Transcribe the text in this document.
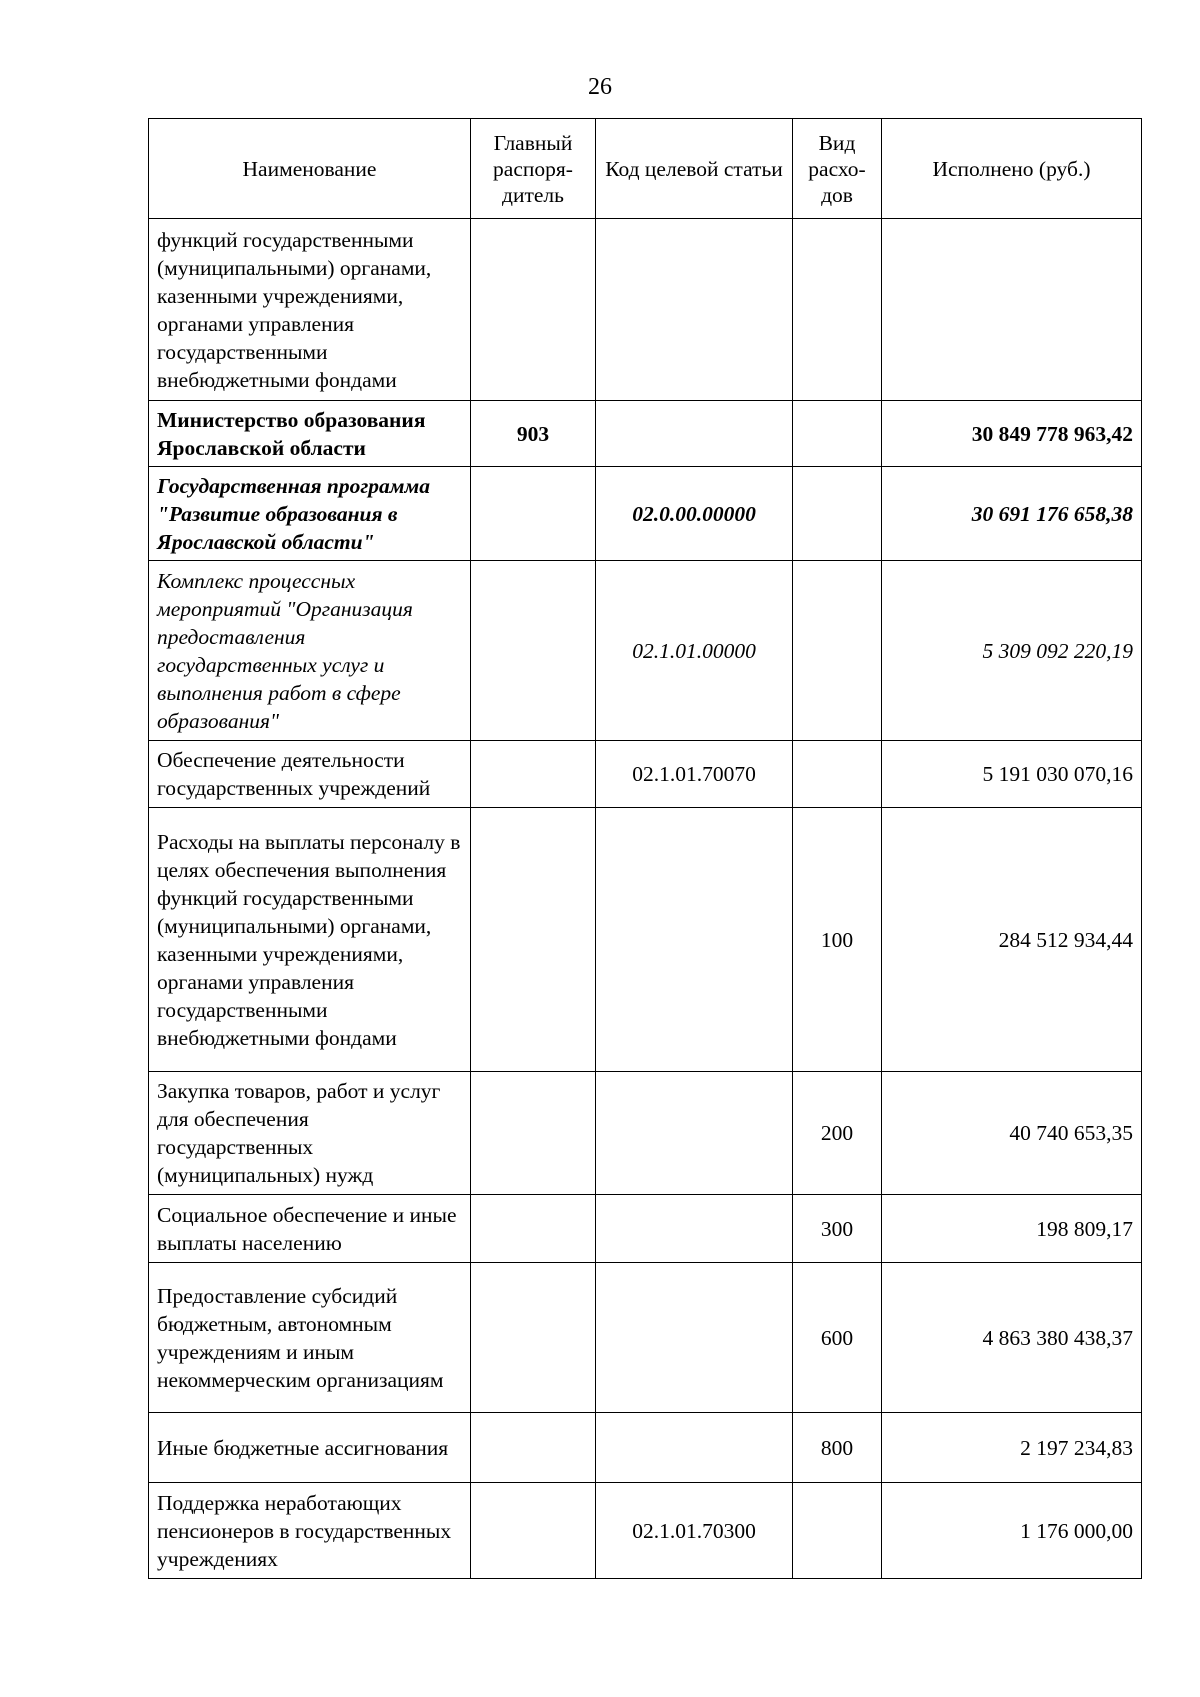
26
Наименование	Главный распоря-дитель	Код целевой статьи	Вид расхо-дов	Исполнено (руб.)
функций государственными (муниципальными) органами, казенными учреждениями, органами управления государственными внебюджетными фондами				
Министерство образования Ярославской области	903			30 849 778 963,42
Государственная программа "Развитие образования в Ярославской области"		02.0.00.00000		30 691 176 658,38
Комплекс процессных мероприятий "Организация предоставления государственных услуг и выполнения работ в сфере образования"		02.1.01.00000		5 309 092 220,19
Обеспечение деятельности государственных учреждений		02.1.01.70070		5 191 030 070,16
Расходы на выплаты персоналу в целях обеспечения выполнения функций государственными (муниципальными) органами, казенными учреждениями, органами управления государственными внебюджетными фондами			100	284 512 934,44
Закупка товаров, работ и услуг для обеспечения государственных (муниципальных) нужд			200	40 740 653,35
Социальное обеспечение и иные выплаты населению			300	198 809,17
Предоставление субсидий бюджетным, автономным учреждениям и иным некоммерческим организациям			600	4 863 380 438,37
Иные бюджетные ассигнования			800	2 197 234,83
Поддержка неработающих пенсионеров в государственных учреждениях		02.1.01.70300		1 176 000,00
